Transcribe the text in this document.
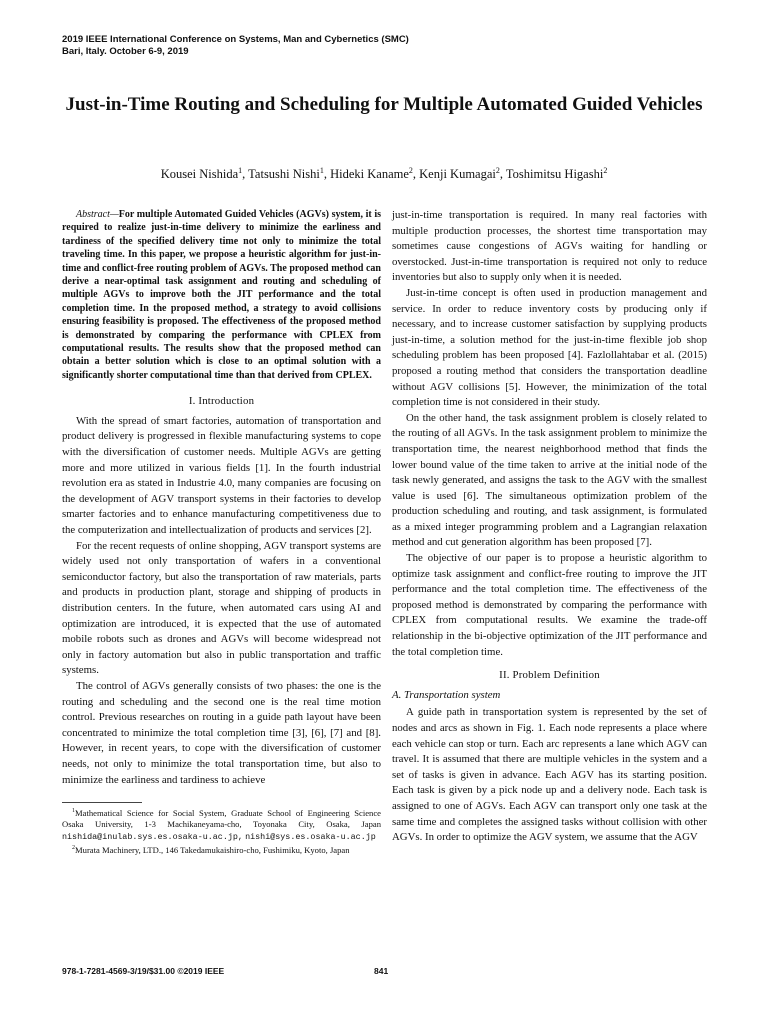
2019 IEEE International Conference on Systems, Man and Cybernetics (SMC)
Bari, Italy. October 6-9, 2019
Just-in-Time Routing and Scheduling for Multiple Automated Guided Vehicles
Kousei Nishida$^1$, Tatsushi Nishi$^1$, Hideki Kaname$^2$, Kenji Kumagai$^2$, Toshimitsu Higashi$^2$
Abstract—For multiple Automated Guided Vehicles (AGVs) system, it is required to realize just-in-time delivery to minimize the earliness and tardiness of the specified delivery time not only to minimize the total traveling time. In this paper, we propose a heuristic algorithm for just-in-time and conflict-free routing problem of AGVs. The proposed method can derive a near-optimal task assignment and routing and scheduling of multiple AGVs to improve both the JIT performance and the total completion time. In the proposed method, a strategy to avoid collisions ensuring feasibility is proposed. The effectiveness of the proposed method is demonstrated by comparing the performance with CPLEX from computational results. The results show that the proposed method can obtain a better solution which is close to an optimal solution with a significantly shorter computational time than that derived from CPLEX.
I. Introduction

With the spread of smart factories, automation of transportation and product delivery is progressed in flexible manufacturing systems to cope with the diversification of customer needs. Multiple AGVs are getting more and more utilized in various fields [1]. In the fourth industrial revolution era as stated in Industrie 4.0, many companies are focusing on the development of AGV transport systems in their factories to develop smarter factories and to enhance manufacturing competitiveness due to the computerization and intellectualization of products and services [2].

For the recent requests of online shopping, AGV transport systems are widely used not only transportation of wafers in a conventional semiconductor factory, but also the transportation of raw materials, parts and products in production plant, storage and shipping of products in distribution centers. In the future, when automated cars using AI and optimization are introduced, it is expected that the use of automated mobile robots such as drones and AGVs will become widespread not only in factory automation but also in public transportation and traffic systems.

The control of AGVs generally consists of two phases: the one is the routing and scheduling and the second one is the real time motion control. Previous researches on routing in a guide path layout have been concentrated to minimize the total completion time [3], [6], [7] and [8]. However, in recent years, to cope with the diversification of customer needs, not only to minimize the total transportation time, but also to minimize the earliness and tardiness to achieve

$^1$Mathematical Science for Social System, Graduate School of Engineering Science Osaka University, 1-3 Machikaneyama-cho, Toyonaka City, Osaka, Japan nishida@inulab.sys.es.osaka-u.ac.jp, nishi@sys.es.osaka-u.ac.jp
$^2$Murata Machinery, LTD., 146 Takedamukaishiro-cho, Fushimiku, Kyoto, Japan

just-in-time transportation is required. In many real factories with multiple production processes, the shortest time transportation may sometimes cause congestions of AGVs waiting for handling or overstocked. Just-in-time transportation is required not only to reduce inventories but also to supply only when it is needed.

Just-in-time concept is often used in production management and service. In order to reduce inventory costs by producing only if necessary, and to increase customer satisfaction by supplying products just-in-time, a solution method for the just-in-time flexible job shop scheduling problem has been proposed [4]. Fazlollahtabar et al. (2015) proposed a routing method that considers the transportation deadline without AGV collisions [5]. However, the minimization of the total completion time is not considered in their study.

On the other hand, the task assignment problem is closely related to the routing of all AGVs. In the task assignment problem to minimize the transportation time, the nearest neighborhood method that finds the lower bound value of the time taken to arrive at the initial node of the task newly generated, and assigns the task to the AGV with the smallest value is used [6]. The simultaneous optimization problem of the production scheduling and routing, and task assignment, is formulated as a mixed integer programming problem and a Lagrangian relaxation method and cut generation algorithm has been proposed [7].

The objective of our paper is to propose a heuristic algorithm to optimize task assignment and conflict-free routing to improve the JIT performance and the total completion time. The effectiveness of the proposed method is demonstrated by comparing the performance with CPLEX from computational results. We examine the trade-off relationship in the bi-objective optimization of the JIT performance and the total completion time.

II. Problem Definition
A. Transportation system

A guide path in transportation system is represented by the set of nodes and arcs as shown in Fig. 1. Each node represents a place where each vehicle can stop or turn. Each arc represents a lane which AGV can travel. It is assumed that there are multiple vehicles in the system and a set of tasks is given in advance. Each AGV has its starting position. Each task is given by a pick node up and a delivery node. Each task is assigned to one of AGVs. Each AGV can transport only one task at the same time and completes the assigned tasks without collision with other AGVs. In order to optimize the AGV system, we assume that the AGV

978-1-7281-4569-3/19/$31.00 ©2019 IEEE	841
